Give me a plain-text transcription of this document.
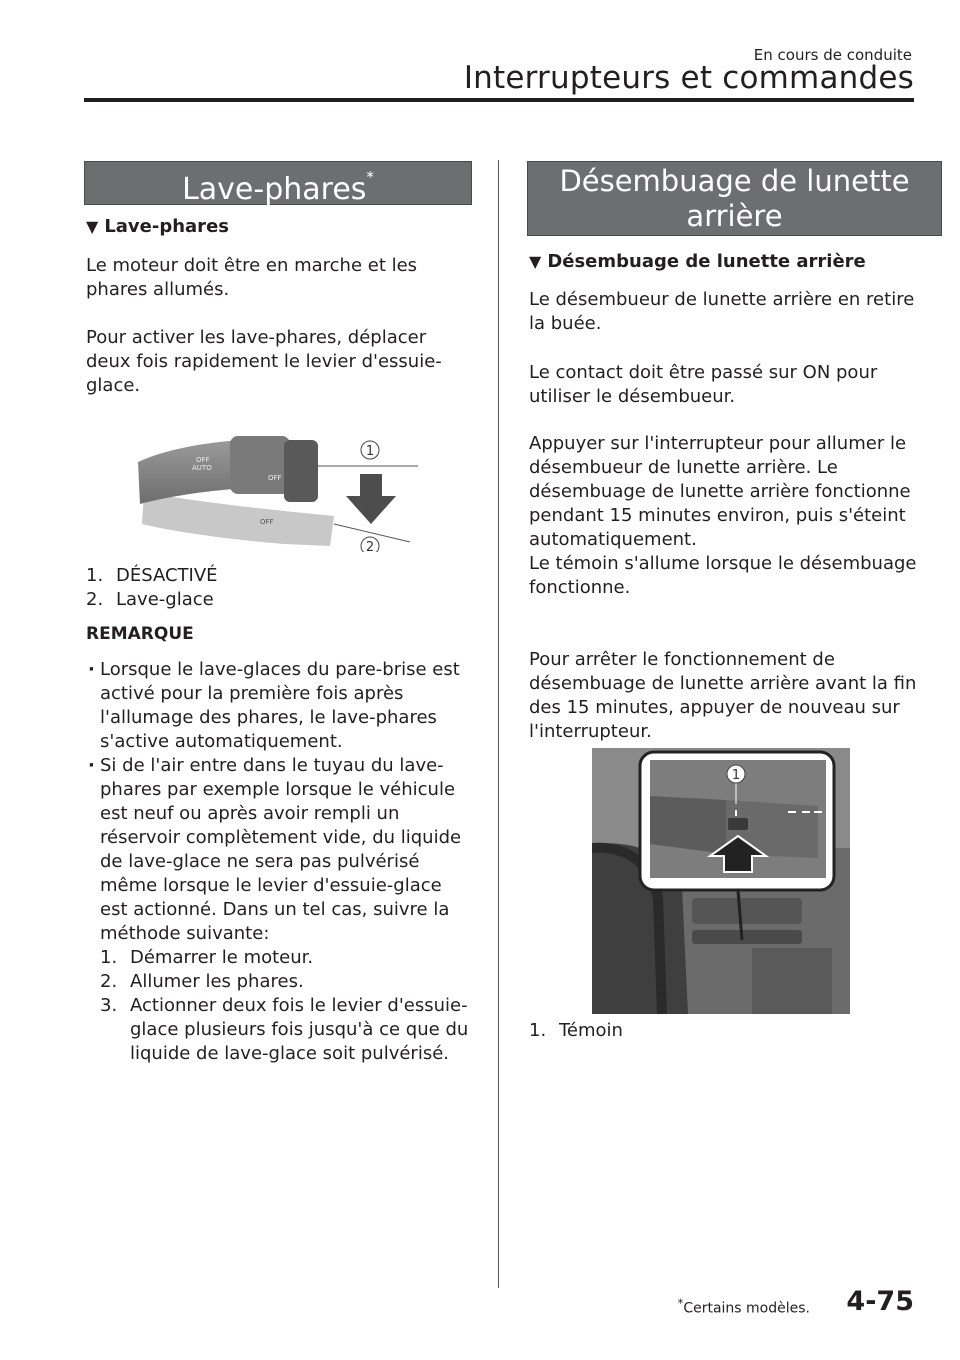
En cours de conduite
Interrupteurs et commandes
Lave-phares*
▼ Lave-phares

Le moteur doit être en marche et les phares allumés.

Pour activer les lave-phares, déplacer deux fois rapidement le levier d'essuie-glace.

OFF
AUTO
OFF
OFF
1
2
1. DÉSACTIVÉ
2. Lave-glace
REMARQUE
· Lorsque le lave-glaces du pare-brise est activé pour la première fois après l'allumage des phares, le lave-phares s'active automatiquement.
· Si de l'air entre dans le tuyau du lave-phares par exemple lorsque le véhicule est neuf ou après avoir rempli un réservoir complètement vide, du liquide de lave-glace ne sera pas pulvérisé même lorsque le levier d'essuie-glace est actionné. Dans un tel cas, suivre la méthode suivante:
1. Démarrer le moteur.
2. Allumer les phares.
3. Actionner deux fois le levier d'essuie-glace plusieurs fois jusqu'à ce que du liquide de lave-glace soit pulvérisé.
Désembuage de lunette
arrière
▼ Désembuage de lunette arrière

Le désembueur de lunette arrière en retire la buée.

Le contact doit être passé sur ON pour utiliser le désembueur.

Appuyer sur l'interrupteur pour allumer le désembueur de lunette arrière. Le désembuage de lunette arrière fonctionne pendant 15 minutes environ, puis s'éteint automatiquement.

Le témoin s'allume lorsque le désembuage fonctionne.

Pour arrêter le fonctionnement de désembuage de lunette arrière avant la fin des 15 minutes, appuyer de nouveau sur l'interrupteur.

1
1. Témoin
*Certains modèles. 4-75
